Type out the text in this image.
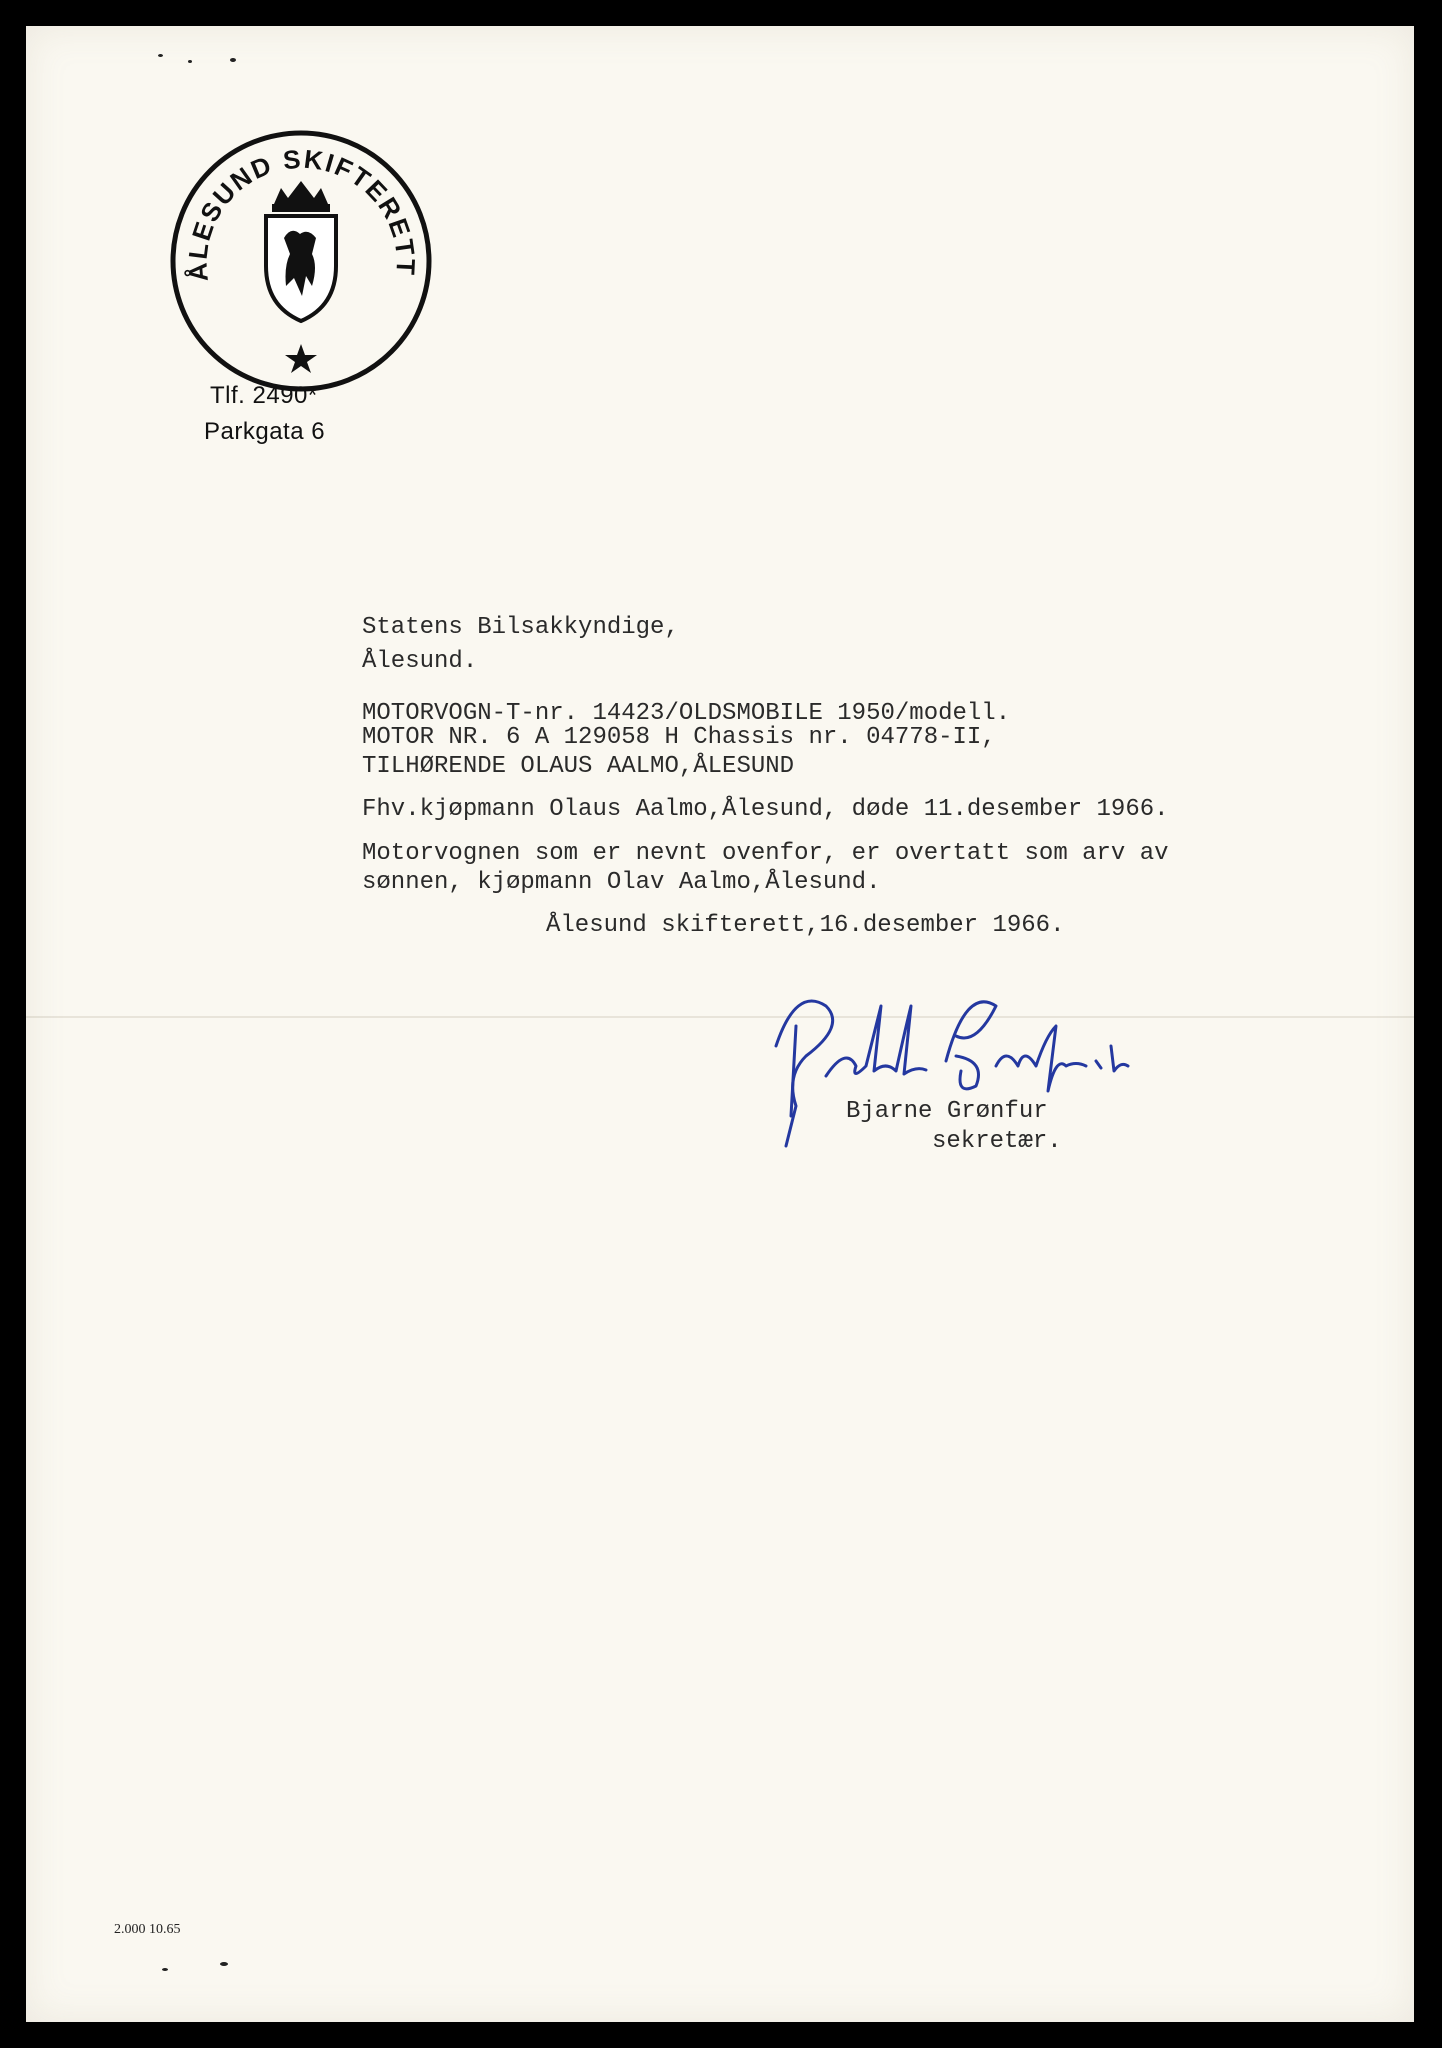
ÅLESUND SKIFTERETT
Tlf. 2490*
Parkgata 6
Statens Bilsakkyndige,
Ålesund.
MOTORVOGN-T-nr. 14423/OLDSMOBILE 1950/modell.
MOTOR NR. 6 A 129058 H Chassis nr. 04778-II,
TILHØRENDE OLAUS AALMO,ÅLESUND
Fhv.kjøpmann Olaus Aalmo,Ålesund, døde 11.desember 1966.
Motorvognen som er nevnt ovenfor, er overtatt som arv av
sønnen, kjøpmann Olav Aalmo,Ålesund.
Ålesund skifterett,16.desember 1966.
Bjarne Grønfur
sekretær.
2.000 10.65
